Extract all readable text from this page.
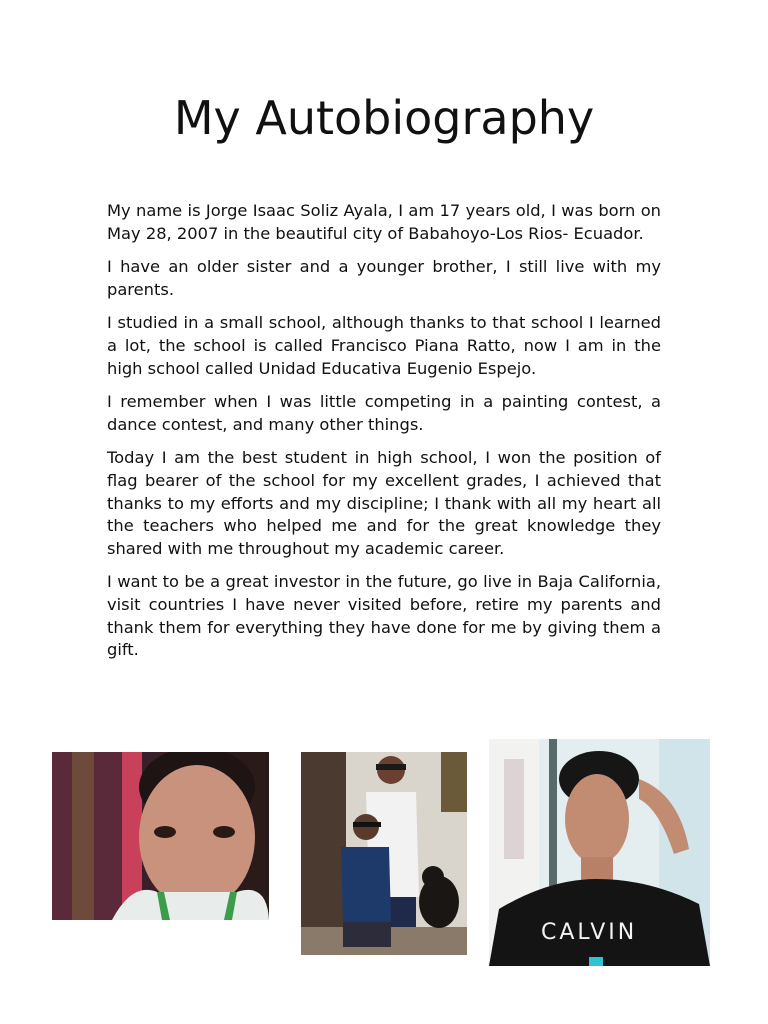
My Autobiography

My name is Jorge Isaac Soliz Ayala, I am 17 years old, I was born on May 28, 2007 in the beautiful city of Babahoyo-Los Rios- Ecuador.

I have an older sister and a younger brother, I still live with my parents.

I studied in a small school, although thanks to that school I learned a lot, the school is called Francisco Piana Ratto, now I am in the high school called Unidad Educativa Eugenio Espejo.

I remember when I was little competing in a painting contest, a dance contest, and many other things.

Today I am the best student in high school, I won the position of flag bearer of the school for my excellent grades, I achieved that thanks to my efforts and my discipline; I thank with all my heart all the teachers who helped me and for the great knowledge they shared with me throughout my academic career.

I want to be a great investor in the future, go live in Baja California, visit countries I have never visited before, retire my parents and thank them for everything they have done for me by giving them a gift.

CALVIN
